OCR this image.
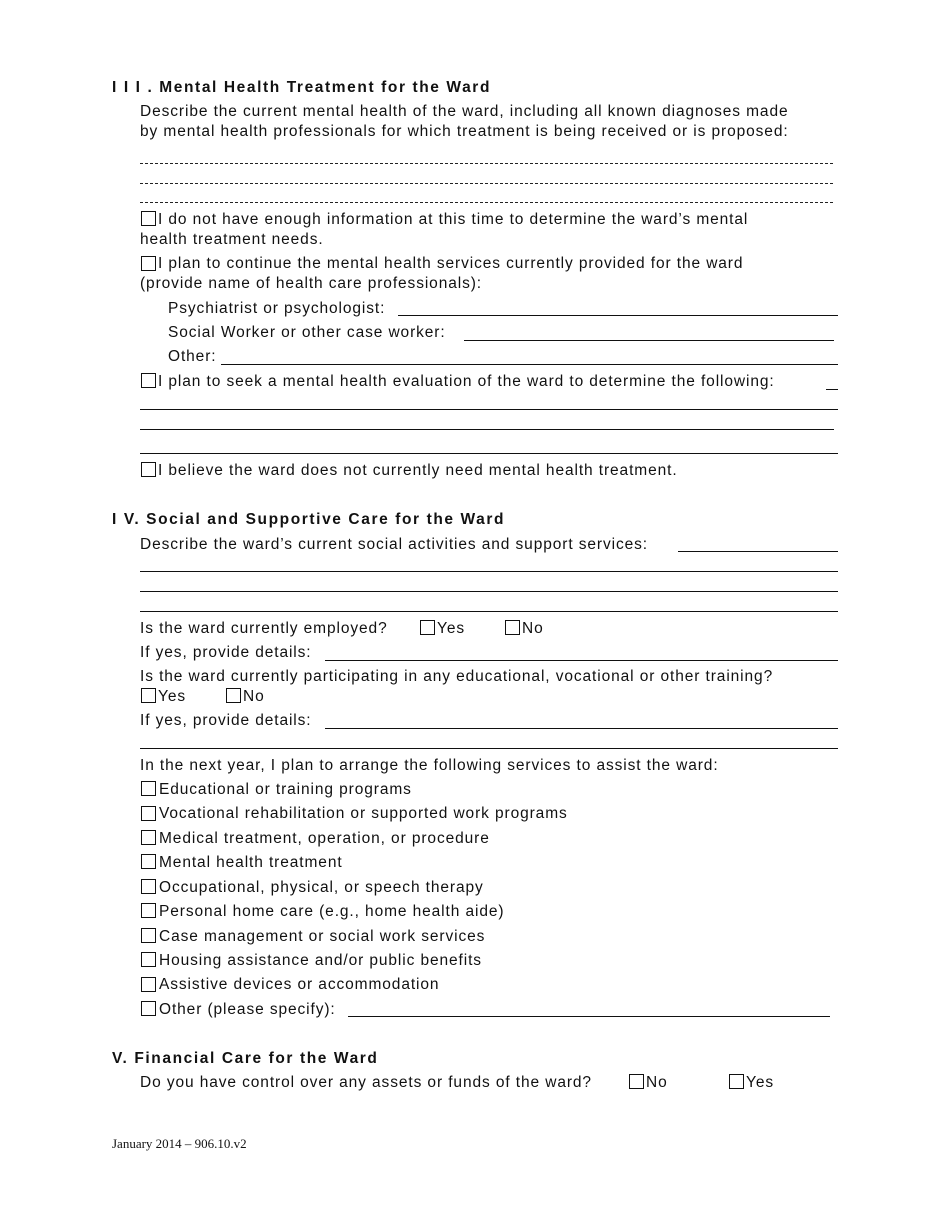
I I I . Mental Health Treatment for the Ward
Describe the current mental health of the ward, including all known diagnoses made
by mental health professionals for which treatment is being received or is proposed:
I do not have enough information at this time to determine the ward’s mental
health treatment needs.
I plan to continue the mental health services currently provided for the ward
(provide name of health care professionals):
Psychiatrist or psychologist:
Social Worker or other case worker:
Other:
I plan to seek a mental health evaluation of the ward to determine the following:
I believe the ward does not currently need mental health treatment.
I V. Social and Supportive Care for the Ward
Describe the ward’s current social activities and support services:
Is the ward currently employed?	Yes	No
If yes, provide details:
Is the ward currently participating in any educational, vocational or other training?
Yes	No
If yes, provide details:
In the next year, I plan to arrange the following services to assist the ward:
Educational or training programs
Vocational rehabilitation or supported work programs
Medical treatment, operation, or procedure
Mental health treatment
Occupational, physical, or speech therapy
Personal home care (e.g., home health aide)
Case management or social work services
Housing assistance and/or public benefits
Assistive devices or accommodation
Other (please specify):
V. Financial Care for the Ward
Do you have control over any assets or funds of the ward?	No	Yes
January 2014 – 906.10.v2
